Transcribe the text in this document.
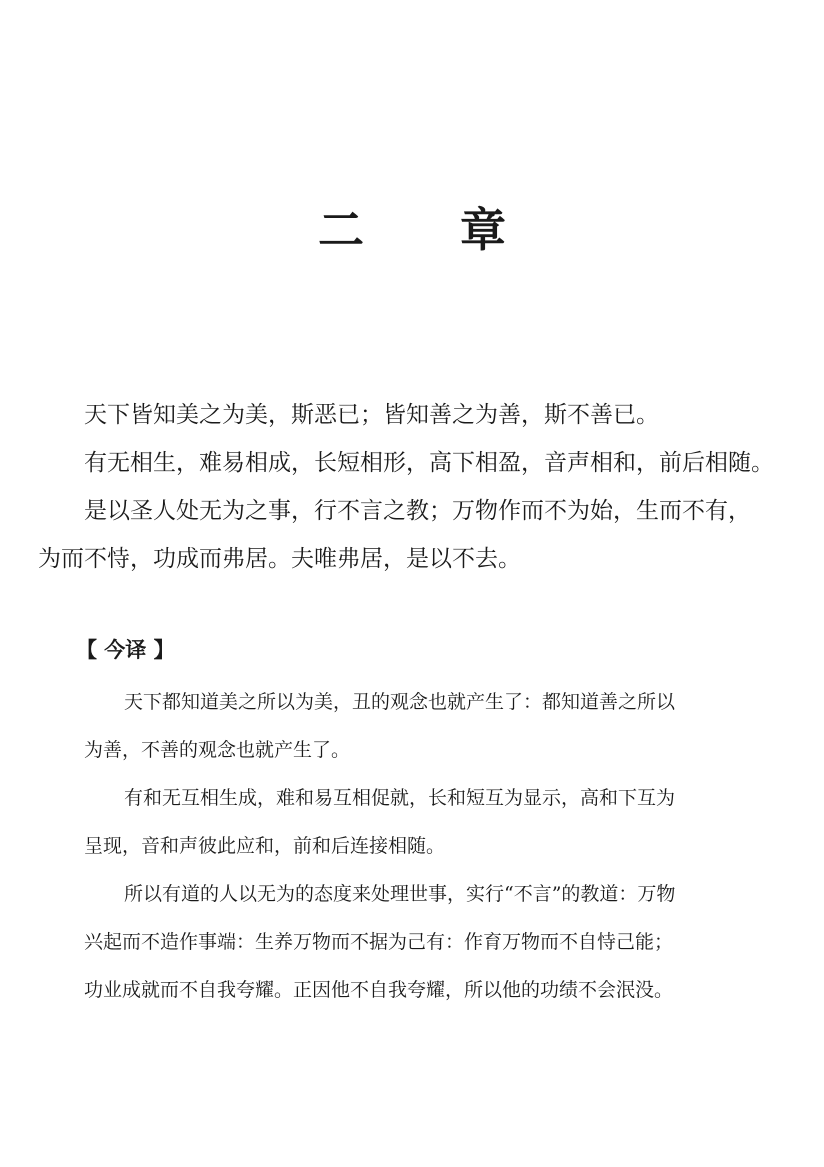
二 章

天下皆知美之为美，斯恶已；皆知善之为善，斯不善已。

有无相生，难易相成，长短相形，高下相盈，音声相和，前后相随。

是以圣人处无为之事，行不言之教；万物作而不为始，生而不有，

为而不恃，功成而弗居。夫唯弗居，是以不去。

【 今译 】
天下都知道美之所以为美，丑的观念也就产生了：都知道善之所以
为善，不善的观念也就产生了。
有和无互相生成，难和易互相促就，长和短互为显示，高和下互为
呈现，音和声彼此应和，前和后连接相随。
所以有道的人以无为的态度来处理世事，实行“不言”的教道：万物
兴起而不造作事端：生养万物而不据为己有：作育万物而不自恃己能；
功业成就而不自我夸耀。正因他不自我夸耀，所以他的功绩不会泯没。
